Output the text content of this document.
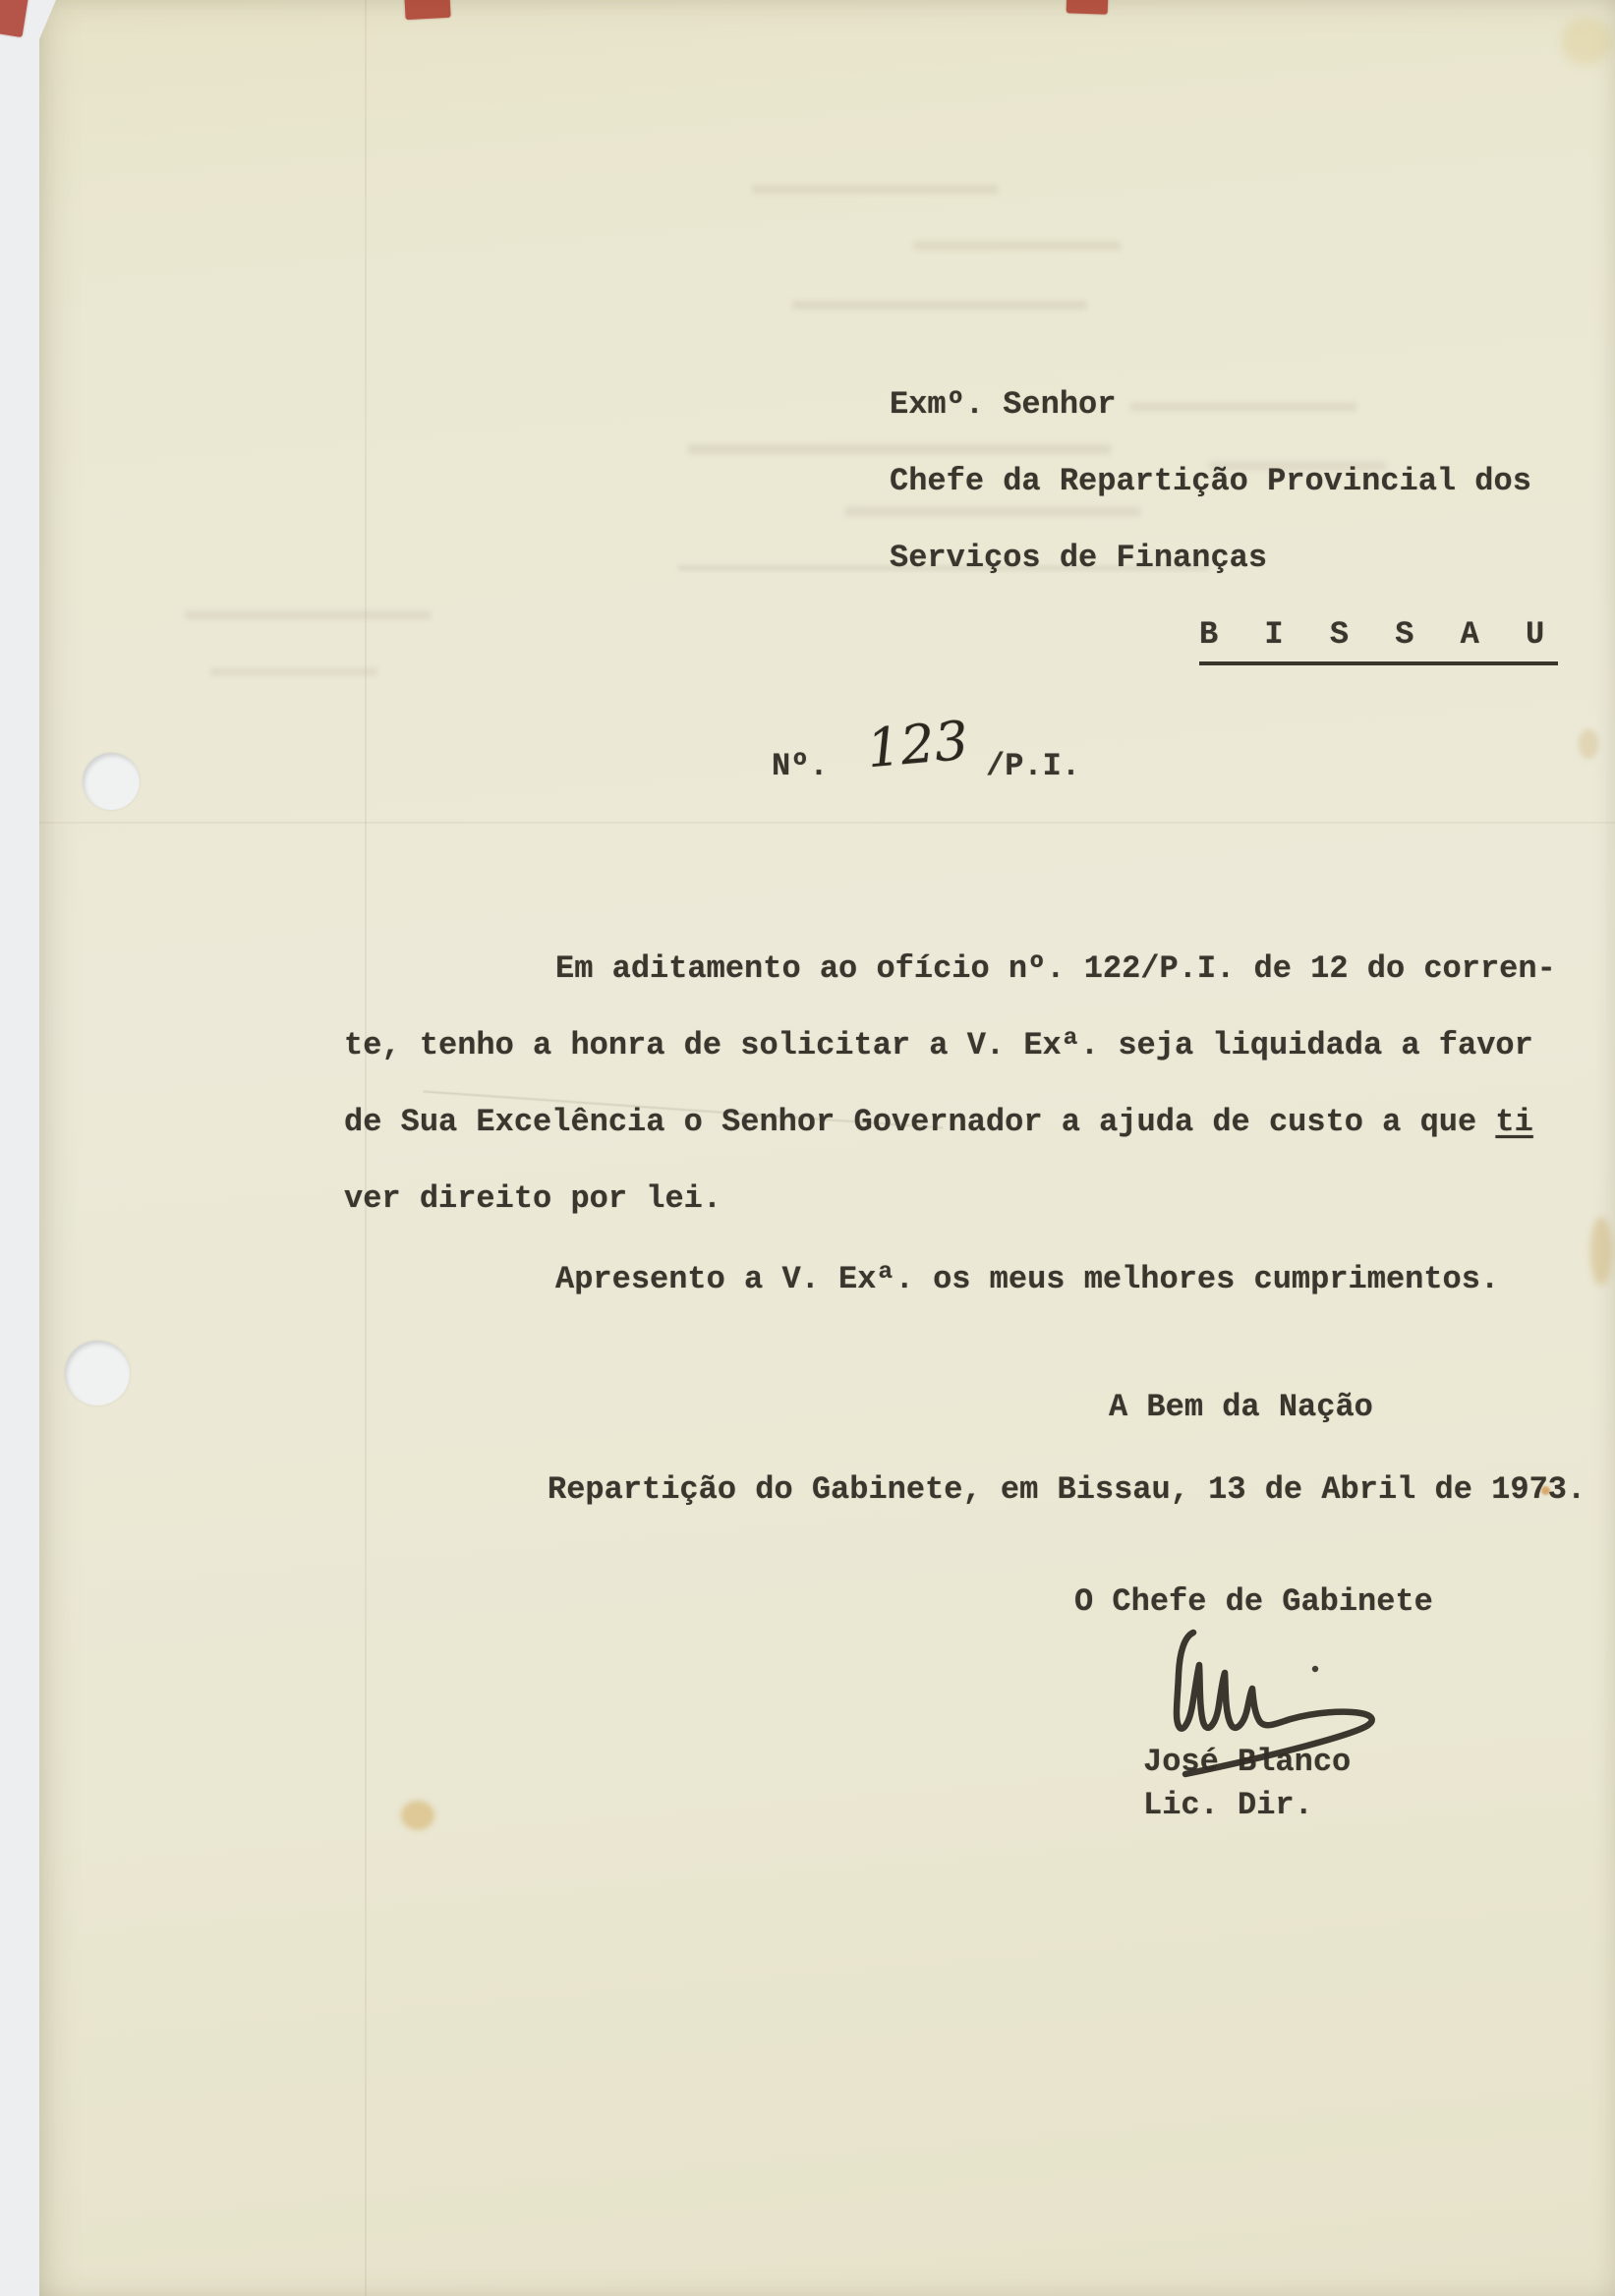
Exmº. Senhor
Chefe da Repartição Provincial dos
Serviços de Finanças
B I S S A U
Nº. 123 /P.I.
Em aditamento ao ofício nº. 122/P.I. de 12 do corren-
te, tenho a honra de solicitar a V. Exª. seja liquidada a favor
de Sua Excelência o Senhor Governador a ajuda de custo a que ti
ver direito por lei.
Apresento a V. Exª. os meus melhores cumprimentos.
A Bem da Nação
Repartição do Gabinete, em Bissau, 13 de Abril de 1973.
O Chefe de Gabinete
José Blanco
Lic. Dir.
